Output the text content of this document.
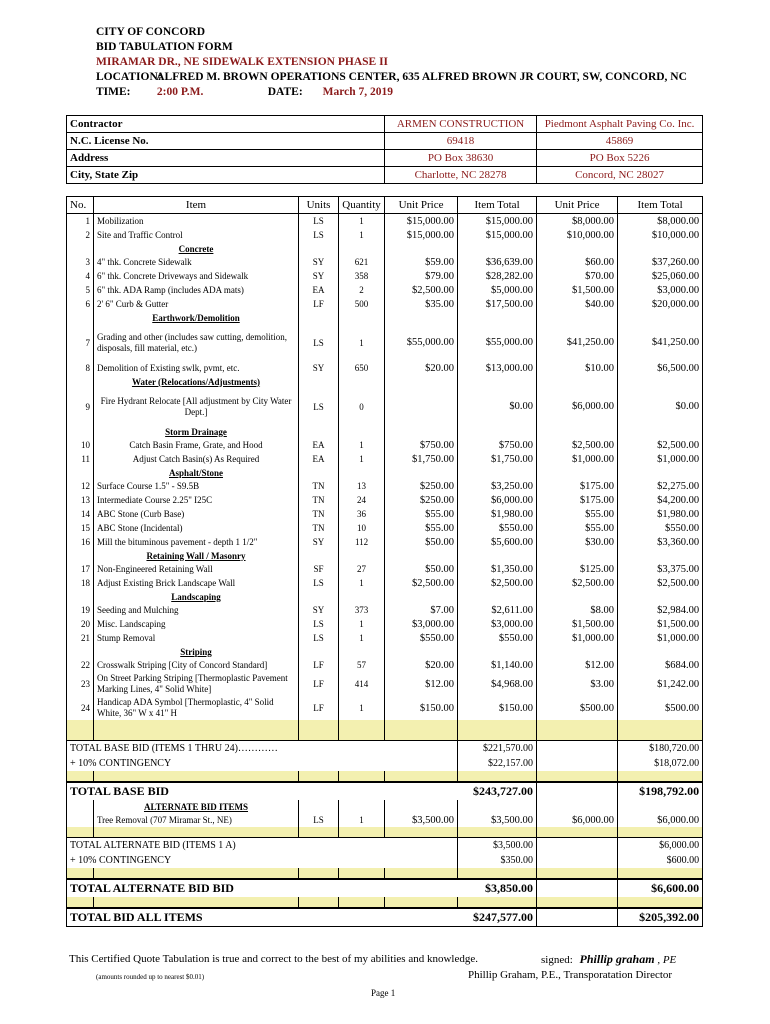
CITY OF CONCORD
BID TABULATION FORM
MIRAMAR DR., NE SIDEWALK EXTENSION PHASE II
LOCATION: ALFRED M. BROWN OPERATIONS CENTER, 635 ALFRED BROWN JR COURT, SW, CONCORD, NC
TIME: 2:00 P.M.	DATE: March 7, 2019
Contractor				ARMEN CONSTRUCTION		Piedmont Asphalt Paving Co. Inc.	
N.C. License No.				69418		45869	
Address				PO Box 38630		PO Box 5226	
City, State Zip				Charlotte, NC 28278		Concord, NC 28027	

No.	Item	Units	Quantity	Unit Price	Item Total	Unit Price	Item Total
1	Mobilization	LS	1	$15,000.00	$15,000.00	$8,000.00	$8,000.00
2	Site and Traffic Control	LS	1	$15,000.00	$15,000.00	$10,000.00	$10,000.00
	Concrete						
3	4" thk. Concrete Sidewalk	SY	621	$59.00	$36,639.00	$60.00	$37,260.00
4	6" thk. Concrete Driveways and Sidewalk	SY	358	$79.00	$28,282.00	$70.00	$25,060.00
5	6" thk. ADA Ramp (includes ADA mats)	EA	2	$2,500.00	$5,000.00	$1,500.00	$3,000.00
6	2' 6" Curb & Gutter	LF	500	$35.00	$17,500.00	$40.00	$20,000.00
	Earthwork/Demolition						
7	Grading and other (includes saw cutting, demolition, disposals, fill material, etc.)	LS	1	$55,000.00	$55,000.00	$41,250.00	$41,250.00
8	Demolition of Existing swlk, pvmt, etc.	SY	650	$20.00	$13,000.00	$10.00	$6,500.00
	Water (Relocations/Adjustments)						
9	Fire Hydrant Relocate [All adjustment by City Water Dept.]	LS	0		$0.00	$6,000.00	$0.00
	Storm Drainage						
10	Catch Basin Frame, Grate, and Hood	EA	1	$750.00	$750.00	$2,500.00	$2,500.00
11	Adjust Catch Basin(s) As Required	EA	1	$1,750.00	$1,750.00	$1,000.00	$1,000.00
	Asphalt/Stone						
12	Surface Course 1.5" - S9.5B	TN	13	$250.00	$3,250.00	$175.00	$2,275.00
13	Intermediate Course 2.25" I25C	TN	24	$250.00	$6,000.00	$175.00	$4,200.00
14	ABC Stone (Curb Base)	TN	36	$55.00	$1,980.00	$55.00	$1,980.00
15	ABC Stone (Incidental)	TN	10	$55.00	$550.00	$55.00	$550.00
16	Mill the bituminous pavement - depth 1 1/2"	SY	112	$50.00	$5,600.00	$30.00	$3,360.00
	Retaining Wall / Masonry						
17	Non-Engineered Retaining Wall	SF	27	$50.00	$1,350.00	$125.00	$3,375.00
18	Adjust Existing Brick Landscape Wall	LS	1	$2,500.00	$2,500.00	$2,500.00	$2,500.00
	Landscaping						
19	Seeding and Mulching	SY	373	$7.00	$2,611.00	$8.00	$2,984.00
20	Misc. Landscaping	LS	1	$3,000.00	$3,000.00	$1,500.00	$1,500.00
21	Stump Removal	LS	1	$550.00	$550.00	$1,000.00	$1,000.00
	Striping						
22	Crosswalk Striping [City of Concord Standard]	LF	57	$20.00	$1,140.00	$12.00	$684.00
23	On Street Parking Striping [Thermoplastic Pavement Marking Lines, 4" Solid White]	LF	414	$12.00	$4,968.00	$3.00	$1,242.00
24	Handicap ADA Symbol [Thermoplastic, 4" Solid White, 36" W x 41" H	LF	1	$150.00	$150.00	$500.00	$500.00

TOTAL BASE BID (ITEMS 1 THRU 24)…………					$221,570.00		$180,720.00
+ 10% CONTINGENCY					$22,157.00		$18,072.00

TOTAL BASE BID					$243,727.00		$198,792.00
	ALTERNATE BID ITEMS						
	Tree Removal (707 Miramar St., NE)	LS	1	$3,500.00	$3,500.00	$6,000.00	$6,000.00

TOTAL ALTERNATE BID (ITEMS 1 A)					$3,500.00		$6,000.00
+ 10% CONTINGENCY					$350.00		$600.00

TOTAL ALTERNATE BID BID					$3,850.00		$6,600.00

TOTAL BID ALL ITEMS					$247,577.00		$205,392.00
This Certified Quote Tabulation is true and correct to the best of my abilities and knowledge.	signed: Phillip graham , PE
(amounts rounded up to nearest $0.01)	Phillip Graham, P.E., Transporatation Director
Page 1
